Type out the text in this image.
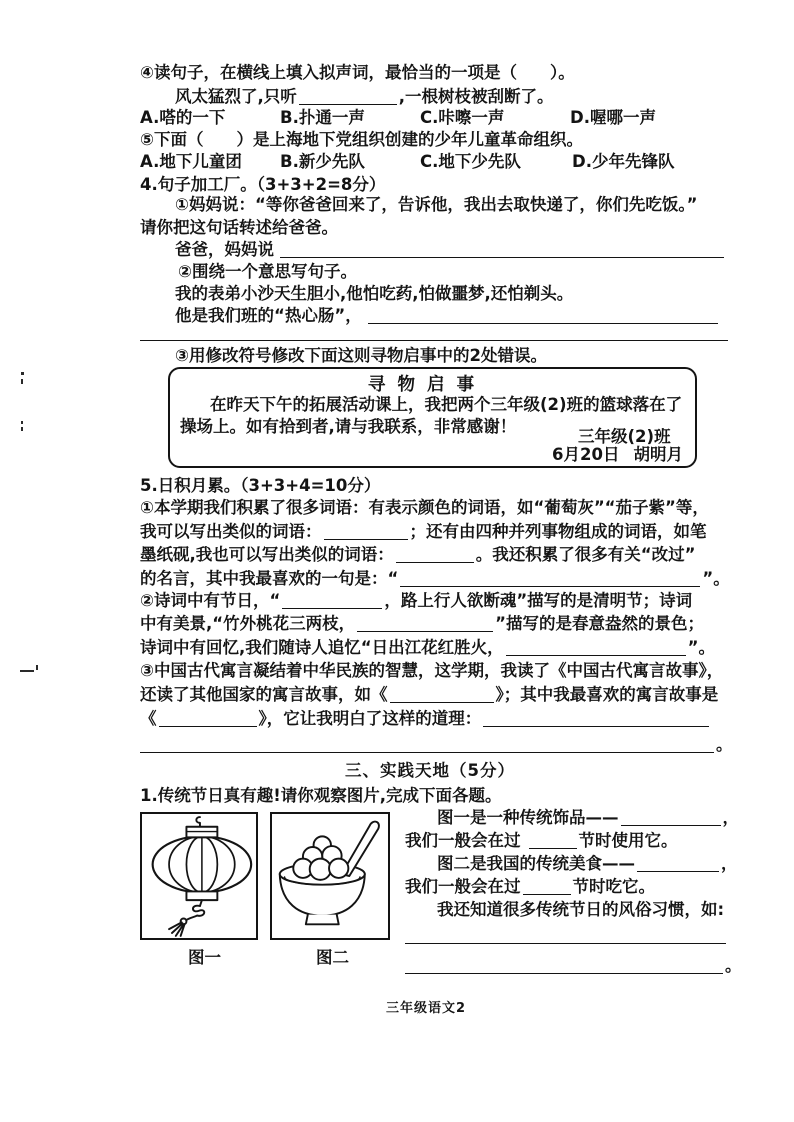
④读句子，在横线上填入拟声词，最恰当的一项是（　　）。
风太猛烈了,只听	,一根树枝被刮断了。
A.嗒的一下	B.扑通一声	C.咔嚓一声	D.喔哪一声
⑤下面（　　）是上海地下党组织创建的少年儿童革命组织。
A.地下儿童团 B.新少先队	C.地下少先队	D.少年先锋队
4.句子加工厂。（3+3+2=8分）
①妈妈说：“等你爸爸回来了，告诉他，我出去取快递了，你们先吃饭。”
请你把这句话转述给爸爸。
爸爸，妈妈说
②围绕一个意思写句子。
我的表弟小沙天生胆小,他怕吃药,怕做噩梦,还怕剃头。
他是我们班的“热心肠”，
③用修改符号修改下面这则寻物启事中的2处错误。
寻 物 启 事
在昨天下午的拓展活动课上，我把两个三年级(2)班的篮球落在了
操场上。如有拾到者,请与我联系，非常感谢！
三年级(2)班
6月20日 胡明月
5.日积月累。（3+3+4=10分）
①本学期我们积累了很多词语：有表示颜色的词语，如“葡萄灰”“茄子紫”等，
我可以写出类似的词语：	；还有由四种并列事物组成的词语，如笔
墨纸砚,我也可以写出类似的词语：	。我还积累了很多有关“改过”
的名言，其中我最喜欢的一句是：“	”。
②诗词中有节日，“	，路上行人欲断魂”描写的是清明节；诗词
中有美景,“竹外桃花三两枝，	”描写的是春意盎然的景色；
诗词中有回忆,我们随诗人追忆“日出江花红胜火，	”。
③中国古代寓言凝结着中华民族的智慧，这学期，我读了《中国古代寓言故事》，
还读了其他国家的寓言故事，如《	》；其中我最喜欢的寓言故事是
《	》，它让我明白了这样的道理：
。
三、实践天地（5分）
1.传统节日真有趣!请你观察图片,完成下面各题。
图一	图二
图一是一种传统饰品——	，
我们一般会在过	节时使用它。
图二是我国的传统美食——	，
我们一般会在过	节时吃它。
我还知道很多传统节日的风俗习惯，如:
。
三年级语文2
